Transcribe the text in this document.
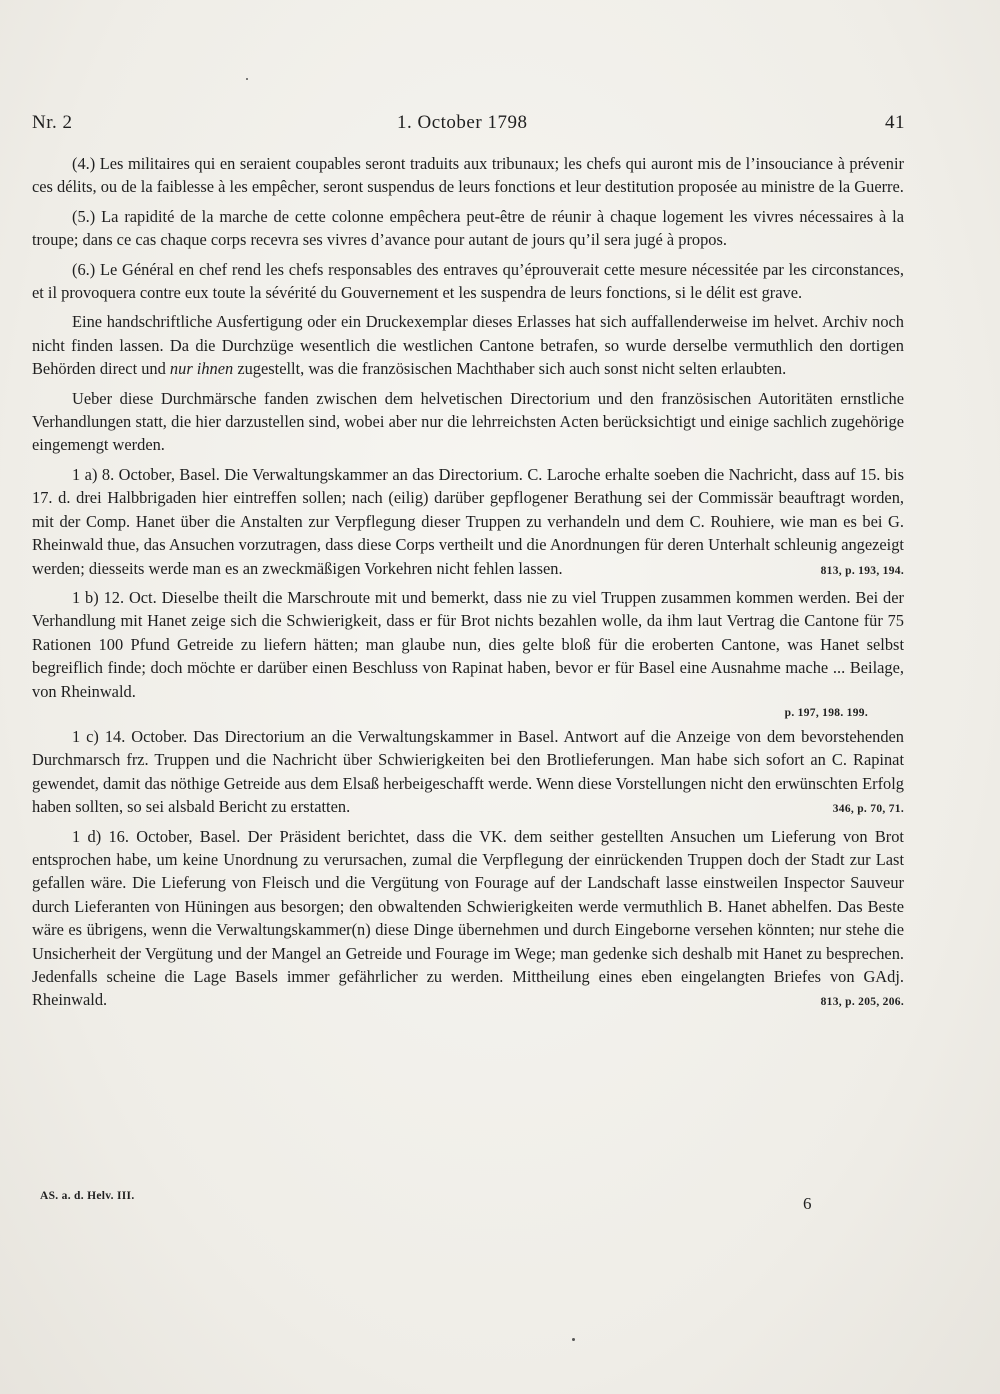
Nr. 2	1. October 1798	41

(4.) Les militaires qui en seraient coupables seront traduits aux tribunaux; les chefs qui auront mis de l’insouciance à prévenir ces délits, ou de la faiblesse à les empêcher, seront suspendus de leurs fonctions et leur destitution proposée au ministre de la Guerre.

(5.) La rapidité de la marche de cette colonne empêchera peut-être de réunir à chaque logement les vivres nécessaires à la troupe; dans ce cas chaque corps recevra ses vivres d’avance pour autant de jours qu’il sera jugé à propos.

(6.) Le Général en chef rend les chefs responsables des entraves qu’éprouverait cette mesure nécessitée par les circonstances, et il provoquera contre eux toute la sévérité du Gouvernement et les suspendra de leurs fonctions, si le délit est grave.

Eine handschriftliche Ausfertigung oder ein Druckexemplar dieses Erlasses hat sich auffallenderweise im helvet. Archiv noch nicht finden lassen. Da die Durchzüge wesentlich die westlichen Cantone betrafen, so wurde derselbe vermuthlich den dortigen Behörden direct und nur ihnen zugestellt, was die französischen Machthaber sich auch sonst nicht selten erlaubten.

Ueber diese Durchmärsche fanden zwischen dem helvetischen Directorium und den französischen Autoritäten ernstliche Verhandlungen statt, die hier darzustellen sind, wobei aber nur die lehrreichsten Acten berücksichtigt und einige sachlich zugehörige eingemengt werden.

1 a) 8. October, Basel. Die Verwaltungskammer an das Directorium. C. Laroche erhalte soeben die Nachricht, dass auf 15. bis 17. d. drei Halbbrigaden hier eintreffen sollen; nach (eilig) darüber gepflogener Berathung sei der Commissär beauftragt worden, mit der Comp. Hanet über die Anstalten zur Verpflegung dieser Truppen zu verhandeln und dem C. Rouhiere, wie man es bei G. Rheinwald thue, das Ansuchen vorzutragen, dass diese Corps vertheilt und die Anordnungen für deren Unterhalt schleunig angezeigt werden; diesseits werde man es an zweckmäßigen Vorkehren nicht fehlen lassen.	813, p. 193, 194.

1 b) 12. Oct. Dieselbe theilt die Marschroute mit und bemerkt, dass nie zu viel Truppen zusammen kommen werden. Bei der Verhandlung mit Hanet zeige sich die Schwierigkeit, dass er für Brot nichts bezahlen wolle, da ihm laut Vertrag die Cantone für 75 Rationen 100 Pfund Getreide zu liefern hätten; man glaube nun, dies gelte bloß für die eroberten Cantone, was Hanet selbst begreiflich finde; doch möchte er darüber einen Beschluss von Rapinat haben, bevor er für Basel eine Ausnahme mache ... Beilage, von Rheinwald.

p. 197, 198. 199.

1 c) 14. October. Das Directorium an die Verwaltungskammer in Basel. Antwort auf die Anzeige von dem bevorstehenden Durchmarsch frz. Truppen und die Nachricht über Schwierigkeiten bei den Brotlieferungen. Man habe sich sofort an C. Rapinat gewendet, damit das nöthige Getreide aus dem Elsaß herbeigeschafft werde. Wenn diese Vorstellungen nicht den erwünschten Erfolg haben sollten, so sei alsbald Bericht zu erstatten.	346, p. 70, 71.

1 d) 16. October, Basel. Der Präsident berichtet, dass die VK. dem seither gestellten Ansuchen um Lieferung von Brot entsprochen habe, um keine Unordnung zu verursachen, zumal die Verpflegung der einrückenden Truppen doch der Stadt zur Last gefallen wäre. Die Lieferung von Fleisch und die Vergütung von Fourage auf der Landschaft lasse einstweilen Inspector Sauveur durch Lieferanten von Hüningen aus besorgen; den obwaltenden Schwierigkeiten werde vermuthlich B. Hanet abhelfen. Das Beste wäre es übrigens, wenn die Verwaltungskammer(n) diese Dinge übernehmen und durch Eingeborne versehen könnten; nur stehe die Unsicherheit der Vergütung und der Mangel an Getreide und Fourage im Wege; man gedenke sich deshalb mit Hanet zu besprechen. Jedenfalls scheine die Lage Basels immer gefährlicher zu werden. Mittheilung eines eben eingelangten Briefes von GAdj. Rheinwald.	813, p. 205, 206.

AS. a. d. Helv. III.	6
